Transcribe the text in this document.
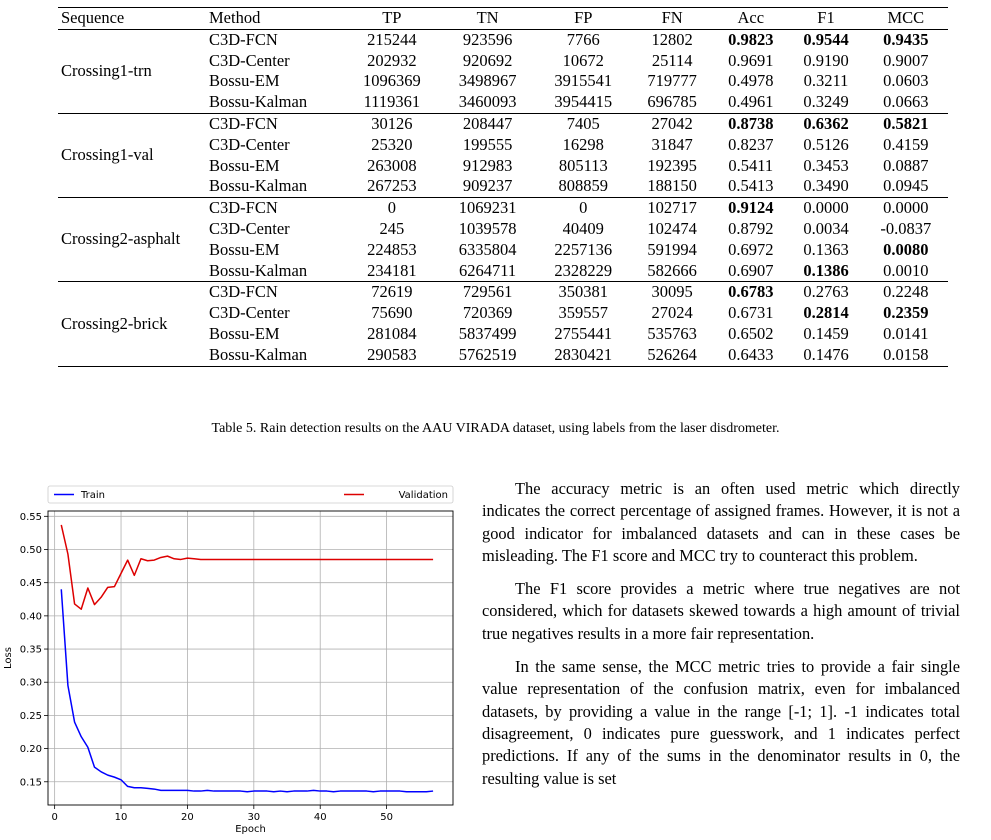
Sequence	Method	TP	TN	FP	FN	Acc	F1	MCC
Crossing1-trn	C3D-FCN	215244	923596	7766	12802	0.9823	0.9544	0.9435
	C3D-Center	202932	920692	10672	25114	0.9691	0.9190	0.9007
	Bossu-EM	1096369	3498967	3915541	719777	0.4978	0.3211	0.0603
	Bossu-Kalman	1119361	3460093	3954415	696785	0.4961	0.3249	0.0663
Crossing1-val	C3D-FCN	30126	208447	7405	27042	0.8738	0.6362	0.5821
	C3D-Center	25320	199555	16298	31847	0.8237	0.5126	0.4159
	Bossu-EM	263008	912983	805113	192395	0.5411	0.3453	0.0887
	Bossu-Kalman	267253	909237	808859	188150	0.5413	0.3490	0.0945
Crossing2-asphalt	C3D-FCN	0	1069231	0	102717	0.9124	0.0000	0.0000
	C3D-Center	245	1039578	40409	102474	0.8792	0.0034	-0.0837
	Bossu-EM	224853	6335804	2257136	591994	0.6972	0.1363	0.0080
	Bossu-Kalman	234181	6264711	2328229	582666	0.6907	0.1386	0.0010
Crossing2-brick	C3D-FCN	72619	729561	350381	30095	0.6783	0.2763	0.2248
	C3D-Center	75690	720369	359557	27024	0.6731	0.2814	0.2359
	Bossu-EM	281084	5837499	2755441	535763	0.6502	0.1459	0.0141
	Bossu-Kalman	290583	5762519	2830421	526264	0.6433	0.1476	0.0158
Table 5. Rain detection results on the AAU VIRADA dataset, using labels from the laser disdrometer.
0	10	20	30	40	50
0.15
0.20
0.25
0.30
0.35
0.40
0.45
0.50
0.55
Epoch
Loss
Train	Validation	The accuracy metric is an often used metric which directly indicates the correct percentage of assigned frames. However, it is not a good indicator for imbalanced datasets and can in these cases be misleading. The F1 score and MCC try to counteract this problem.

The F1 score provides a metric where true negatives are not considered, which for datasets skewed towards a high amount of trivial true negatives results in a more fair representation.

In the same sense, the MCC metric tries to provide a fair single value representation of the confusion matrix, even for imbalanced datasets, by providing a value in the range [-1; 1]. -1 indicates total disagreement, 0 indicates pure guesswork, and 1 indicates perfect predictions. If any of the sums in the denominator results in 0, the resulting value is set
